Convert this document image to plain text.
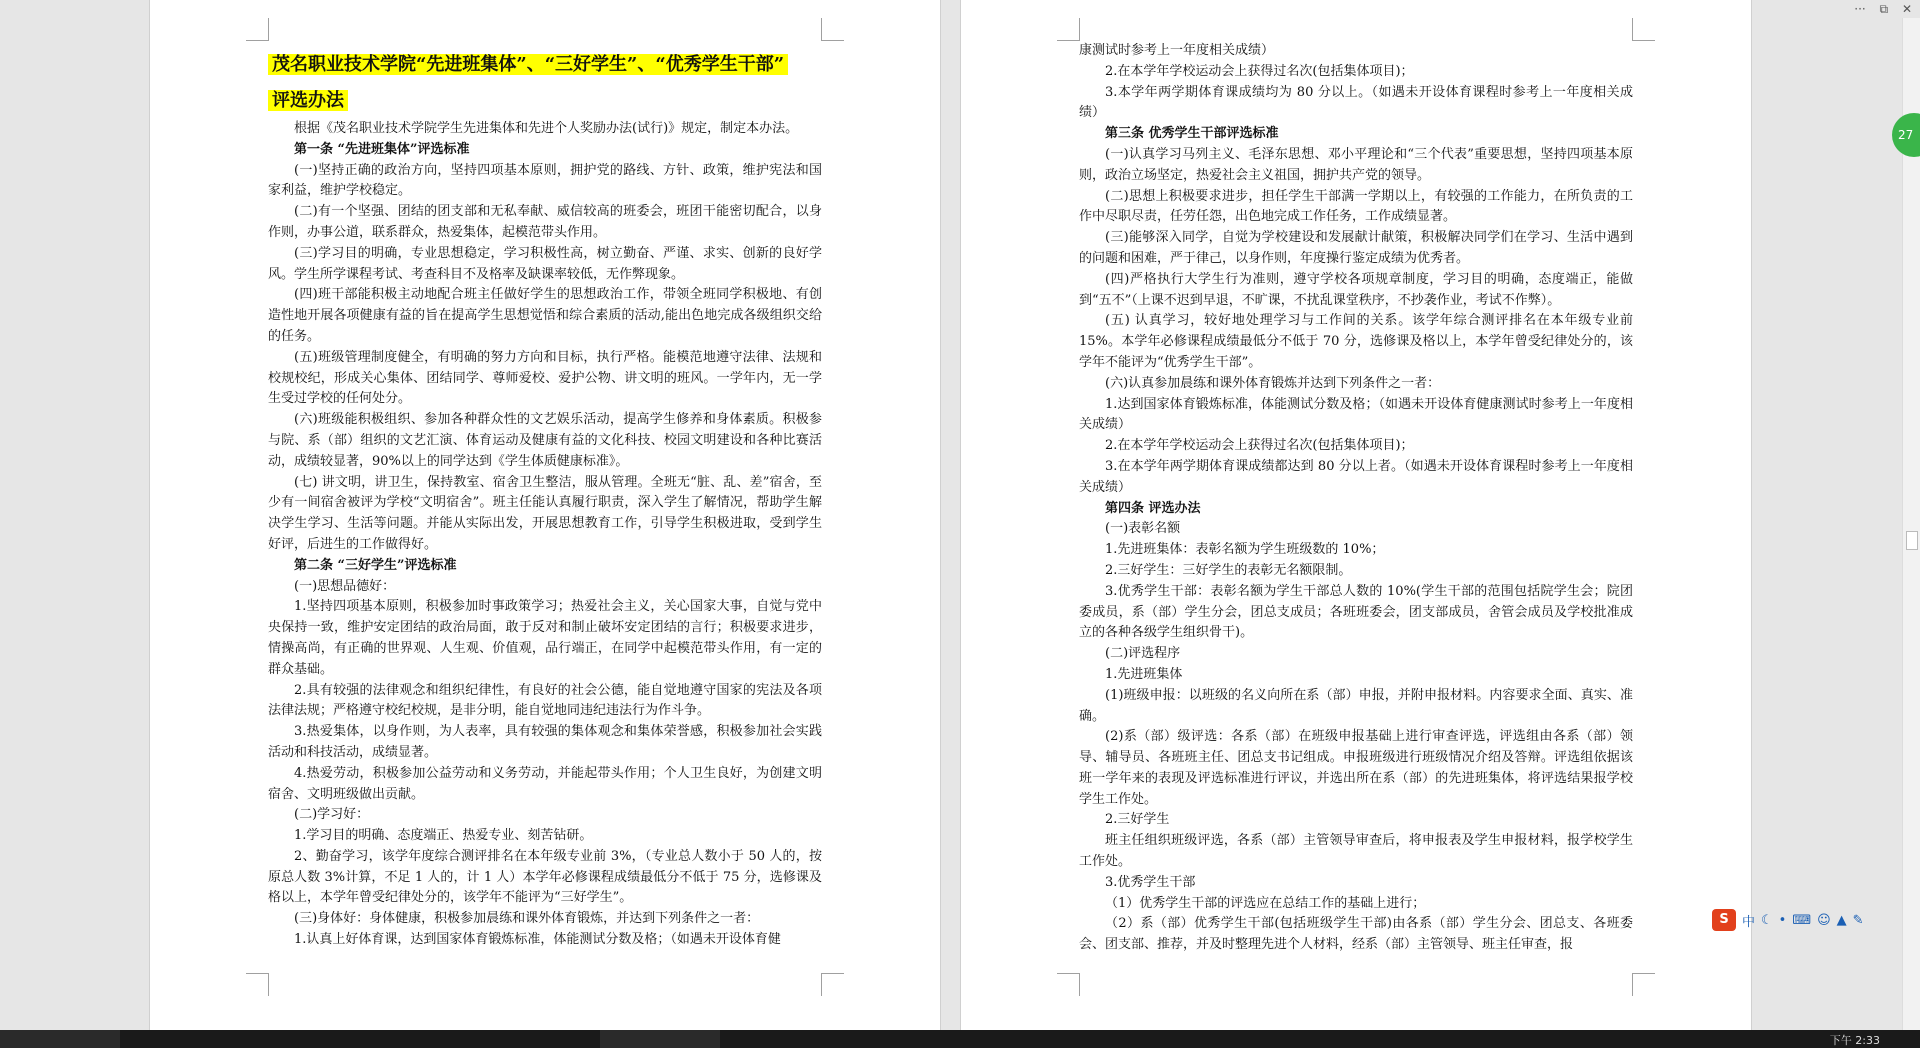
··· ⧉ ✕

茂名职业技术学院“先进班集体”、“三好学生”、“优秀学生干部”

评选办法

根据《茂名职业技术学院学生先进集体和先进个人奖励办法(试行)》规定，制定本办法。

第一条 “先进班集体”评选标准

(一)坚持正确的政治方向，坚持四项基本原则，拥护党的路线、方针、政策，维护宪法和国家利益，维护学校稳定。

(二)有一个坚强、团结的团支部和无私奉献、威信较高的班委会，班团干能密切配合，以身作则，办事公道，联系群众，热爱集体，起模范带头作用。

(三)学习目的明确，专业思想稳定，学习积极性高，树立勤奋、严谨、求实、创新的良好学风。学生所学课程考试、考查科目不及格率及缺课率较低，无作弊现象。

(四)班干部能积极主动地配合班主任做好学生的思想政治工作，带领全班同学积极地、有创造性地开展各项健康有益的旨在提高学生思想觉悟和综合素质的活动,能出色地完成各级组织交给的任务。

(五)班级管理制度健全，有明确的努力方向和目标，执行严格。能模范地遵守法律、法规和校规校纪，形成关心集体、团结同学、尊师爱校、爱护公物、讲文明的班风。一学年内，无一学生受过学校的任何处分。

(六)班级能积极组织、参加各种群众性的文艺娱乐活动，提高学生修养和身体素质。积极参与院、系（部）组织的文艺汇演、体育运动及健康有益的文化科技、校园文明建设和各种比赛活动，成绩较显著，90%以上的同学达到《学生体质健康标准》。

(七) 讲文明，讲卫生，保持教室、宿舍卫生整洁，服从管理。全班无“脏、乱、差”宿舍，至少有一间宿舍被评为学校“文明宿舍”。班主任能认真履行职责，深入学生了解情况，帮助学生解决学生学习、生活等问题。并能从实际出发，开展思想教育工作，引导学生积极进取，受到学生好评，后进生的工作做得好。

第二条 “三好学生”评选标准

(一)思想品德好：

1.坚持四项基本原则，积极参加时事政策学习；热爱社会主义，关心国家大事，自觉与党中央保持一致，维护安定团结的政治局面，敢于反对和制止破坏安定团结的言行；积极要求进步，情操高尚，有正确的世界观、人生观、价值观，品行端正，在同学中起模范带头作用，有一定的群众基础。

2.具有较强的法律观念和组织纪律性，有良好的社会公德，能自觉地遵守国家的宪法及各项法律法规；严格遵守校纪校规，是非分明，能自觉地同违纪违法行为作斗争。

3.热爱集体，以身作则，为人表率，具有较强的集体观念和集体荣誉感，积极参加社会实践活动和科技活动，成绩显著。

4.热爱劳动，积极参加公益劳动和义务劳动，并能起带头作用；个人卫生良好，为创建文明宿舍、文明班级做出贡献。

(二)学习好：

1.学习目的明确、态度端正、热爱专业、刻苦钻研。

2、勤奋学习，该学年度综合测评排名在本年级专业前 3%，（专业总人数小于 50 人的，按原总人数 3%计算，不足 1 人的，计 1 人）本学年必修课程成绩最低分不低于 75 分，选修课及格以上，本学年曾受纪律处分的，该学年不能评为“三好学生”。

(三)身体好：身体健康，积极参加晨练和课外体育锻炼，并达到下列条件之一者：

1.认真上好体育课，达到国家体育锻炼标准，体能测试分数及格；（如遇未开设体育健

康测试时参考上一年度相关成绩）

2.在本学年学校运动会上获得过名次(包括集体项目)；

3.本学年两学期体育课成绩均为 80 分以上。（如遇未开设体育课程时参考上一年度相关成绩）

第三条 优秀学生干部评选标准

(一)认真学习马列主义、毛泽东思想、邓小平理论和“三个代表”重要思想，坚持四项基本原则，政治立场坚定，热爱社会主义祖国，拥护共产党的领导。

(二)思想上积极要求进步，担任学生干部满一学期以上，有较强的工作能力，在所负责的工作中尽职尽责，任劳任怨，出色地完成工作任务，工作成绩显著。

(三)能够深入同学，自觉为学校建设和发展献计献策，积极解决同学们在学习、生活中遇到的问题和困难，严于律己，以身作则，年度操行鉴定成绩为优秀者。

(四)严格执行大学生行为准则，遵守学校各项规章制度，学习目的明确，态度端正，能做到“五不”（上课不迟到早退，不旷课，不扰乱课堂秩序，不抄袭作业，考试不作弊）。

(五) 认真学习，较好地处理学习与工作间的关系。该学年综合测评排名在本年级专业前 15%。本学年必修课程成绩最低分不低于 70 分，选修课及格以上，本学年曾受纪律处分的，该学年不能评为“优秀学生干部”。

(六)认真参加晨练和课外体育锻炼并达到下列条件之一者：

1.达到国家体育锻炼标准，体能测试分数及格；（如遇未开设体育健康测试时参考上一年度相关成绩）

2.在本学年学校运动会上获得过名次(包括集体项目)；

3.在本学年两学期体育课成绩都达到 80 分以上者。（如遇未开设体育课程时参考上一年度相关成绩）

第四条 评选办法

(一)表彰名额

1.先进班集体：表彰名额为学生班级数的 10%；

2.三好学生：三好学生的表彰无名额限制。

3.优秀学生干部：表彰名额为学生干部总人数的 10%(学生干部的范围包括院学生会；院团委成员，系（部）学生分会，团总支成员；各班班委会，团支部成员，舍管会成员及学校批准成立的各种各级学生组织骨干)。

(二)评选程序

1.先进班集体

(1)班级申报：以班级的名义向所在系（部）申报，并附申报材料。内容要求全面、真实、准确。

(2)系（部）级评选：各系（部）在班级申报基础上进行审查评选，评选组由各系（部）领导、辅导员、各班班主任、团总支书记组成。申报班级进行班级情况介绍及答辩。评选组依据该班一学年来的表现及评选标准进行评议，并选出所在系（部）的先进班集体，将评选结果报学校学生工作处。

2.三好学生

班主任组织班级评选，各系（部）主管领导审查后，将申报表及学生申报材料，报学校学生工作处。

3.优秀学生干部

（1）优秀学生干部的评选应在总结工作的基础上进行；

（2）系（部）优秀学生干部(包括班级学生干部)由各系（部）学生分会、团总支、各班委会、团支部、推荐，并及时整理先进个人材料，经系（部）主管领导、班主任审查，报

27
S	中 ☾ • ⌨ ☺ ▲ ✎
下午 2:33
